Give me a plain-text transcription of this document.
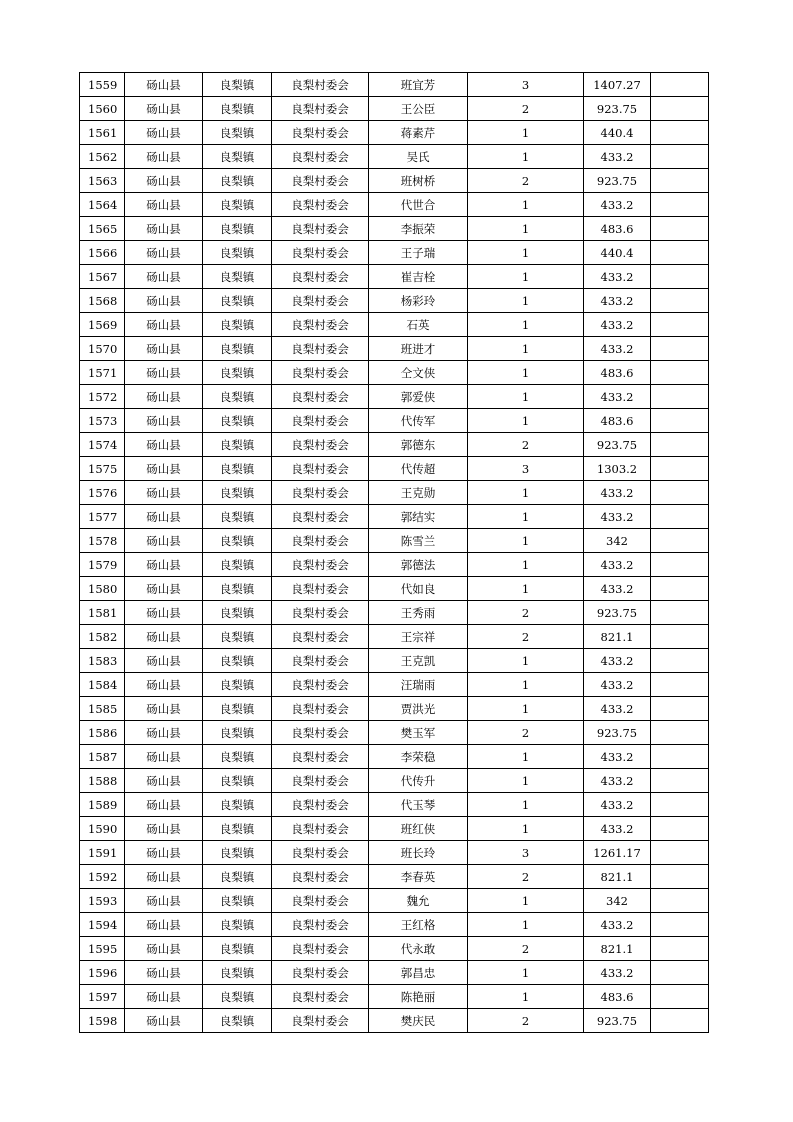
1559	砀山县	良梨镇	良梨村委会	班宜芳	3	1407.27	
1560	砀山县	良梨镇	良梨村委会	王公臣	2	923.75	
1561	砀山县	良梨镇	良梨村委会	蒋素芹	1	440.4	
1562	砀山县	良梨镇	良梨村委会	吴氏	1	433.2	
1563	砀山县	良梨镇	良梨村委会	班树桥	2	923.75	
1564	砀山县	良梨镇	良梨村委会	代世合	1	433.2	
1565	砀山县	良梨镇	良梨村委会	李振荣	1	483.6	
1566	砀山县	良梨镇	良梨村委会	王子瑞	1	440.4	
1567	砀山县	良梨镇	良梨村委会	崔吉栓	1	433.2	
1568	砀山县	良梨镇	良梨村委会	杨彩玲	1	433.2	
1569	砀山县	良梨镇	良梨村委会	石英	1	433.2	
1570	砀山县	良梨镇	良梨村委会	班进才	1	433.2	
1571	砀山县	良梨镇	良梨村委会	仝文侠	1	483.6	
1572	砀山县	良梨镇	良梨村委会	郭爱侠	1	433.2	
1573	砀山县	良梨镇	良梨村委会	代传军	1	483.6	
1574	砀山县	良梨镇	良梨村委会	郭德东	2	923.75	
1575	砀山县	良梨镇	良梨村委会	代传超	3	1303.2	
1576	砀山县	良梨镇	良梨村委会	王克勋	1	433.2	
1577	砀山县	良梨镇	良梨村委会	郭结实	1	433.2	
1578	砀山县	良梨镇	良梨村委会	陈雪兰	1	342	
1579	砀山县	良梨镇	良梨村委会	郭德法	1	433.2	
1580	砀山县	良梨镇	良梨村委会	代如良	1	433.2	
1581	砀山县	良梨镇	良梨村委会	王秀雨	2	923.75	
1582	砀山县	良梨镇	良梨村委会	王宗祥	2	821.1	
1583	砀山县	良梨镇	良梨村委会	王克凯	1	433.2	
1584	砀山县	良梨镇	良梨村委会	汪瑞雨	1	433.2	
1585	砀山县	良梨镇	良梨村委会	贾洪光	1	433.2	
1586	砀山县	良梨镇	良梨村委会	樊玉军	2	923.75	
1587	砀山县	良梨镇	良梨村委会	李荣稳	1	433.2	
1588	砀山县	良梨镇	良梨村委会	代传升	1	433.2	
1589	砀山县	良梨镇	良梨村委会	代玉琴	1	433.2	
1590	砀山县	良梨镇	良梨村委会	班红侠	1	433.2	
1591	砀山县	良梨镇	良梨村委会	班长玲	3	1261.17	
1592	砀山县	良梨镇	良梨村委会	李春英	2	821.1	
1593	砀山县	良梨镇	良梨村委会	魏允	1	342	
1594	砀山县	良梨镇	良梨村委会	王红格	1	433.2	
1595	砀山县	良梨镇	良梨村委会	代永敢	2	821.1	
1596	砀山县	良梨镇	良梨村委会	郭昌忠	1	433.2	
1597	砀山县	良梨镇	良梨村委会	陈艳丽	1	483.6	
1598	砀山县	良梨镇	良梨村委会	樊庆民	2	923.75	
